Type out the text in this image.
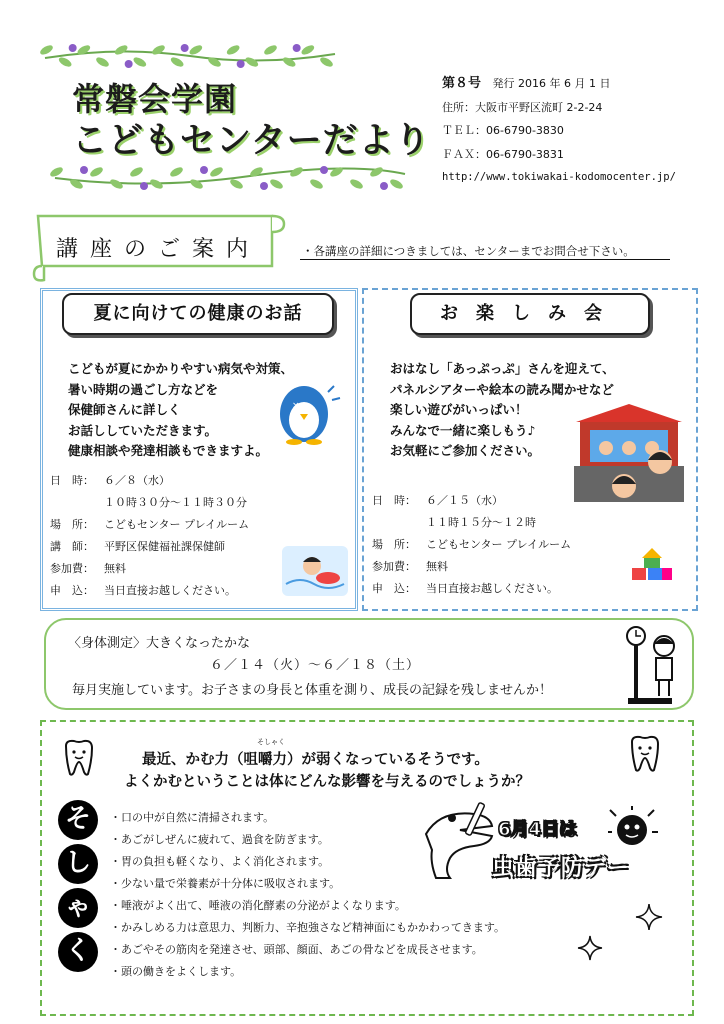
常磐会学園
こどもセンターだより
第８号 発行 2016 年 6 月 1 日
住所：大阪市平野区流町 2-2-24
ＴＥＬ：06-6790-3830
ＦＡＸ：06-6790-3831
http://www.tokiwakai-kodomocenter.jp/
講座のご案内	・各講座の詳細につきましては、センターまでお問合せ下さい。
夏に向けての健康のお話
こどもが夏にかかりやすい病気や対策、
暑い時期の過ごし方などを
保健師さんに詳しく
お話ししていただきます。
健康相談や発達相談もできますよ。
××
日　時： ６／８（水）
１０時３０分～１１時３０分
場　所： こどもセンター プレイルーム
講　師： 平野区保健福祉課保健師
参加費： 無料
申　込： 当日直接お越しください。
お楽しみ会
おはなし「あっぷっぷ」さんを迎えて、
パネルシアターや絵本の読み聞かせなど
楽しい遊びがいっぱい！
みんなで一緒に楽しもう♪
お気軽にご参加ください。
日　時： ６／１５（水）
１１時１５分～１２時
場　所： こどもセンター プレイルーム
参加費： 無料
申　込： 当日直接お越しください。
〈身体測定〉大きくなったかな
６／１４（火）～６／１８（土）
毎月実施しています。お子さまの身長と体重を測り、成長の記録を残しませんか！
そしゃく
最近、かむ力（咀嚼力）が弱くなっているそうです。
よくかむということは体にどんな影響を与えるのでしょうか？
そ
し
ゃ
く
・口の中が自然に清掃されます。
・あごがしぜんに疲れて、過食を防ぎます。
・胃の負担も軽くなり、よく消化されます。
・少ない量で栄養素が十分体に吸収されます。
・唾液がよく出て、唾液の消化酵素の分泌がよくなります。
・かみしめる力は意思力、判断力、辛抱強さなど精神面にもかかわってきます。
・あごやその筋肉を発達させ、頭部、顔面、あごの骨などを成長させます。
・頭の働きをよくします。
6月4日は
虫歯予防デー
